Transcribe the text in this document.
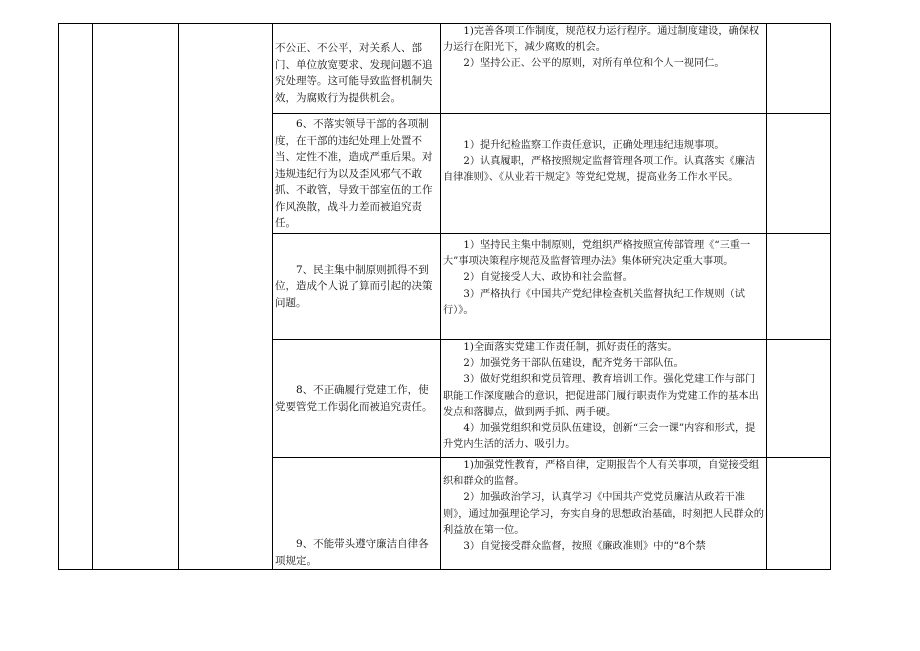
			不公正、不公平，对关系人、部门、单位放宽要求、发现问题不追究处理等。这可能导致监督机制失效，为腐败行为提供机会。	1)完善各项工作制度，规范权力运行程序。通过制度建设，确保权力运行在阳光下，减少腐败的机会。

2）坚持公正、公平的原则，对所有单位和个人一视同仁。	

			6、不落实领导干部的各项制度，在干部的违纪处理上处置不当、定性不准，造成严重后果。对违规违纪行为以及歪风邪气不敢抓、不敢管，导致干部室伍的工作作风涣散，战斗力差而被追究责任。	1）提升纪检监察工作责任意识，正确处理违纪违规事项。

2）认真履职，严格按照规定监督管理各项工作。认真落实《廉洁自律准则》、《从业若干规定》等党纪党规，提高业务工作水平民。	

			7、民主集中制原则抓得不到位，造成个人说了算而引起的决策问题。	1）坚持民主集中制原则，党组织严格按照宣传部管理《“三重一大”事项决策程序规范及监督管理办法》集体研究决定重大事项。

2）自觉接受人大、政协和社会监督。

3）严格执行《中国共产党纪律检查机关监督执纪工作规则（试行）》。	

			8、不正确履行党建工作，使党要管党工作弱化而被追究责任。	1)全面落实党建工作责任制，抓好责任的落实。

2）加强党务干部队伍建设，配齐党务干部队伍。

3）做好党组织和党员管理、教育培训工作。强化党建工作与部门职能工作深度融合的意识，把促进部门履行职责作为党建工作的基本出发点和落脚点，做到两手抓、两手硬。

4）加强党组织和党员队伍建设，创新“三会一课”内容和形式，提升党内生活的活力、吸引力。	

			9、不能带头遵守廉洁自律各项规定。	1)加强党性教育，严格自律，定期报告个人有关事项，自觉接受组织和群众的监督。

2）加强政治学习，认真学习《中国共产党党员廉洁从政若干准则》，通过加强理论学习，夯实自身的思想政治基础，时刻把人民群众的利益放在第一位。

3）自觉接受群众监督，按照《廉政准则》中的“8个禁	
